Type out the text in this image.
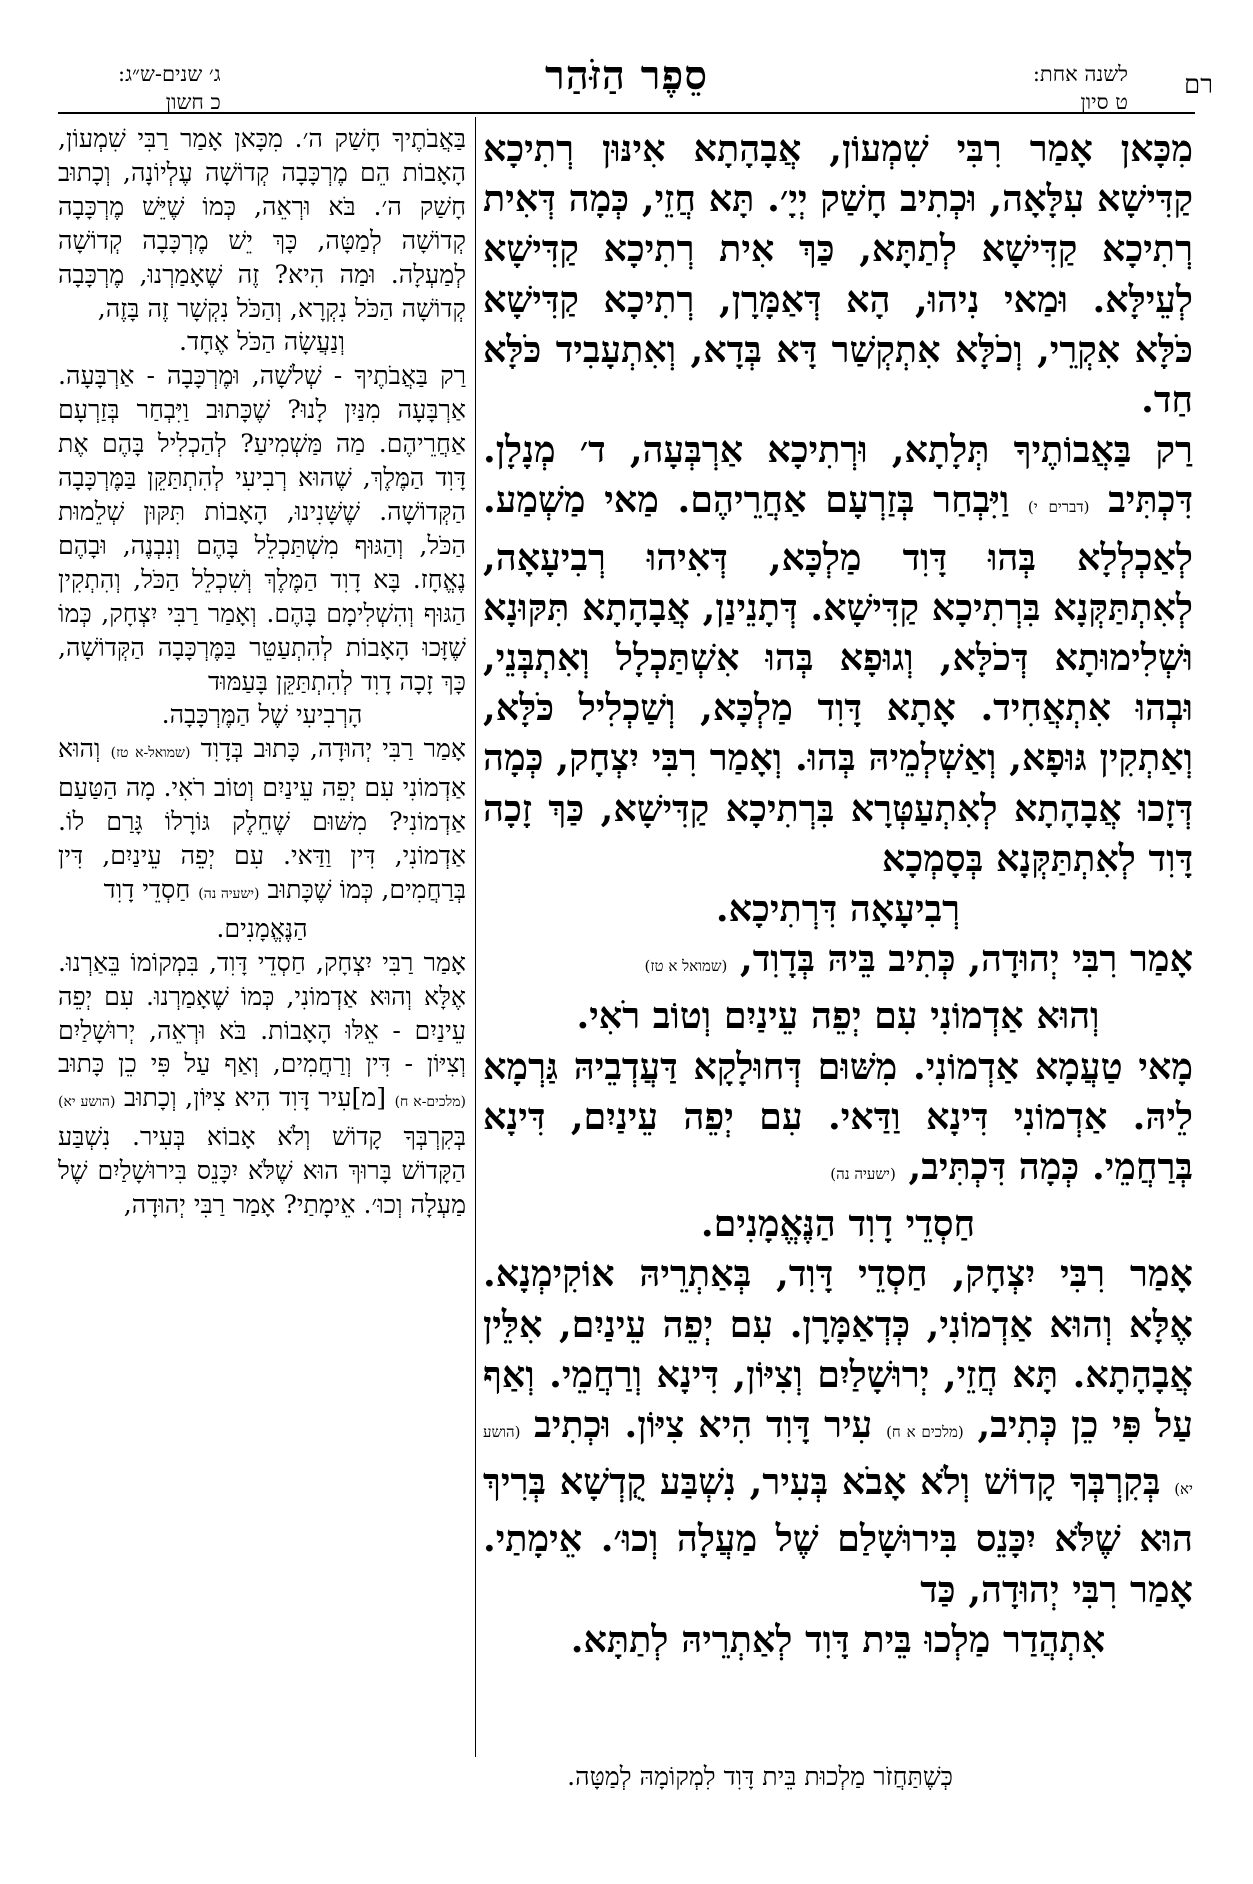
רם
לשנה אחת:
ט סיון
סֵפֶר הַזֹּהַר
ג׳ שנים-ש״ג:
כ חשון

מִכָּאן אָמַר רִבִּי שִׁמְעוֹן, אֲבָהָתָא אִינּוּן רְתִיכָא קַדִּישָׁא עִלָּאָה, וּכְתִיב חָשַׁק יְיָ׳. תָּא חֲזֵי, כְּמָה דְּאִית רְתִיכָא קַדִּישָׁא לְתַתָּא, כַּךְ אִית רְתִיכָא קַדִּישָׁא לְעֵילָּא. וּמַאי נִיהוּ, הָא דְּאַמָּרָן, רְתִיכָא קַדִּישָׁא כֹּלָּא אִקְרֵי, וְכֹלָּא אִתְקְשַׁר דָּא בְּדָא, וְאִתְעָבִיד כֹּלָּא חַד.

רַק בַּאֲבוֹתֶיךָ תְּלָתָא, וּרְתִיכָא אַרְבְּעָה, ד׳ מְנָלָן. דִּכְתִּיב (דברים י) וַיִּבְחַר בְּזַרְעָם אַחֲרֵיהֶם. מַאי מַשְׁמַע. לְאַכְלְלָא בְּהוּ דָּוִד מַלְכָּא, דְּאִיהוּ רְבִיעָאָה, לְאִתְתַּקְּנָא בִּרְתִיכָא קַדִּישָׁא. דְּתָנֵינַן, אֲבָהָתָא תִּקּוּנָא וּשְׁלִימוּתָא דְּכֹלָּא, וְגוּפָא בְּהוּ אִשְׁתַּכְלָל וְאִתְבְּנֵי, וּבְהוּ אִתְאֲחִיד. אָתָא דָּוִד מַלְכָּא, וְשַׁכְלִיל כֹּלָּא, וְאַתְקִין גּוּפָא, וְאַשְׁלְמֵיהּ בְּהוּ. וְאָמַר רִבִּי יִצְחָק, כְּמָה דְּזָכוּ אֲבָהָתָא לְאִתְעַטְּרָא בִּרְתִיכָא קַדִּישָׁא, כַּךְ זָכָה דָּוִד לְאִתְתַּקְּנָא בְּסָמְכָא

רְבִיעָאָה דִּרְתִיכָא.

אָמַר רִבִּי יְהוּדָה, כְּתִיב בֵּיהּ בְּדָוִד, (שמואל א טז)

וְהוּא אַדְמוֹנִי עִם יְפֵה עֵינַיִם וְטוֹב רֹאִי.

מָאי טַעֲמָא אַדְמוֹנִי. מִשּׁוּם דְּחוּלָקָא דַּעֲדְבֵיהּ גַּרְמָא לֵיהּ. אַדְמוֹנִי דִּינָא וַדַּאי. עִם יְפֵה עֵינַיִם, דִּינָא בְּרַחֲמֵי. כְּמָה דִּכְתִּיב, (ישעיה נה)

חַסְדֵי דָוִד הַנֶּאֱמָנִים.

אָמַר רִבִּי יִצְחָק, חַסְדֵי דָּוִד, בְּאַתְרֵיהּ אוֹקִימְנָא. אֶלָּא וְהוּא אַדְמוֹנִי, כְּדְאַמָּרָן. עִם יְפֵה עֵינַיִם, אִלֵּין אֲבָהָתָא. תָּא חֲזֵי, יְרוּשָׁלַיִם וְצִיּוֹן, דִּינָא וְרַחֲמֵי. וְאַף עַל פִּי כֵן כְּתִיב, (מלכים א ח) עִיר דָּוִד הִיא צִיּוֹן. וּכְתִיב (הושע יא) בְּקִרְבְּךָ קָדוֹשׁ וְלֹא אָבֹא בְּעִיר, נִשְׁבַּע קֻדְשָׁא בְּרִיךְ הוּא שֶׁלֹּא יִכָּנֵס בִּירוּשָׁלַם שֶׁל מַעֲלָה וְכוּ׳. אֵימָתַי. אָמַר רִבִּי יְהוּדָה, כַּד

אִתְהֲדַר מַלְכוּ בֵּית דָּוִד לְאַתְרֵיהּ לְתַתָּא.

בַּאֲבֹתֶיךָ חָשַׁק ה׳. מִכָּאן אָמַר רַבִּי שִׁמְעוֹן, הָאָבוֹת הֵם מֶרְכָּבָה קְדוֹשָׁה עֶלְיוֹנָה, וְכָתוּב חָשַׁק ה׳. בֹּא וּרְאֵה, כְּמוֹ שֶׁיֵּשׁ מֶרְכָּבָה קְדוֹשָׁה לְמַטָּה, כָּךְ יֵשׁ מֶרְכָּבָה קְדוֹשָׁה לְמַעְלָה. וּמַה הִיא? זֶה שֶׁאָמַרְנוּ, מֶרְכָּבָה קְדוֹשָׁה הַכֹּל נִקְרָא, וְהַכֹּל נִקְשָׁר זֶה בָּזֶה,

וְנַעֲשָׂה הַכֹּל אֶחָד.

רַק בַּאֲבֹתֶיךָ - שְׁלֹשָׁה, וּמֶרְכָּבָה - אַרְבָּעָה. אַרְבָּעָה מִנַּיִן לָנוּ? שֶׁכָּתוּב וַיִּבְחַר בְּזַרְעָם אַחֲרֵיהֶם. מַה מַּשְׁמִיעַ? לְהַכְלִיל בָּהֶם אֶת דָּוִד הַמֶּלֶךְ, שֶׁהוּא רְבִיעִי לְהִתְתַּקֵּן בַּמֶּרְכָּבָה הַקְּדוֹשָׁה. שֶׁשָּׁנִינוּ, הָאָבוֹת תִּקּוּן שְׁלֵמוּת הַכֹּל, וְהַגּוּף מִשְׁתַּכְלֵל בָּהֶם וְנִבְנֶה, וּבָהֶם נֶאֱחָז. בָּא דָוִד הַמֶּלֶךְ וְשִׁכְלֵל הַכֹּל, וְהִתְקִין הַגּוּף וְהִשְׁלִימָם בָּהֶם. וְאָמַר רַבִּי יִצְחָק, כְּמוֹ שֶׁזָּכוּ הָאָבוֹת לְהִתְעַטֵּר בַּמֶּרְכָּבָה הַקְּדוֹשָׁה, כָּךְ זָכָה דָוִד לְהִתְתַּקֵּן בָּעַמּוּד

הָרְבִיעִי שֶׁל הַמֶּרְכָּבָה.

אָמַר רַבִּי יְהוּדָה, כָּתוּב בְּדָוִד (שמואל-א טז) וְהוּא אַדְמוֹנִי עִם יְפֵה עֵינַיִם וְטוֹב רֹאִי. מָה הַטַּעַם אַדְמוֹנִי? מִשּׁוּם שֶׁחֵלֶק גּוֹרָלוֹ גָּרַם לוֹ. אַדְמוֹנִי, דִּין וַדַּאי. עִם יְפֵה עֵינַיִם, דִּין בְּרַחֲמִים, כְּמוֹ שֶׁכָּתוּב (ישעיה נה) חַסְדֵי דָוִד

הַנֶּאֱמָנִים.

אָמַר רַבִּי יִצְחָק, חַסְדֵי דָּוִד, בִּמְקוֹמוֹ בֵּאַרְנוּ. אֶלָּא וְהוּא אַדְמוֹנִי, כְּמוֹ שֶׁאָמַרְנוּ. עִם יְפֵה עֵינַיִם - אֵלּוּ הָאָבוֹת. בֹּא וּרְאֵה, יְרוּשָׁלַיִם וְצִיּוֹן - דִּין וְרַחֲמִים, וְאַף עַל פִּי כֵן כָּתוּב (מלכים-א ח) [מ]עִיר דָּוִד הִיא צִיּוֹן, וְכָתוּב (הושע יא) בְּקִרְבְּךָ קָדוֹשׁ וְלֹא אָבוֹא בְּעִיר. נִשְׁבַּע הַקָּדוֹשׁ בָּרוּךְ הוּא שֶׁלֹּא יִכָּנֵס בִּירוּשָׁלַיִם שֶׁל מַעְלָה וְכוּ׳. אֵימָתַי? אָמַר רַבִּי יְהוּדָה,

כְּשֶׁתַּחֲזֹר מַלְכוּת בֵּית דָּוִד לִמְקוֹמָהּ לְמַטָּה.
